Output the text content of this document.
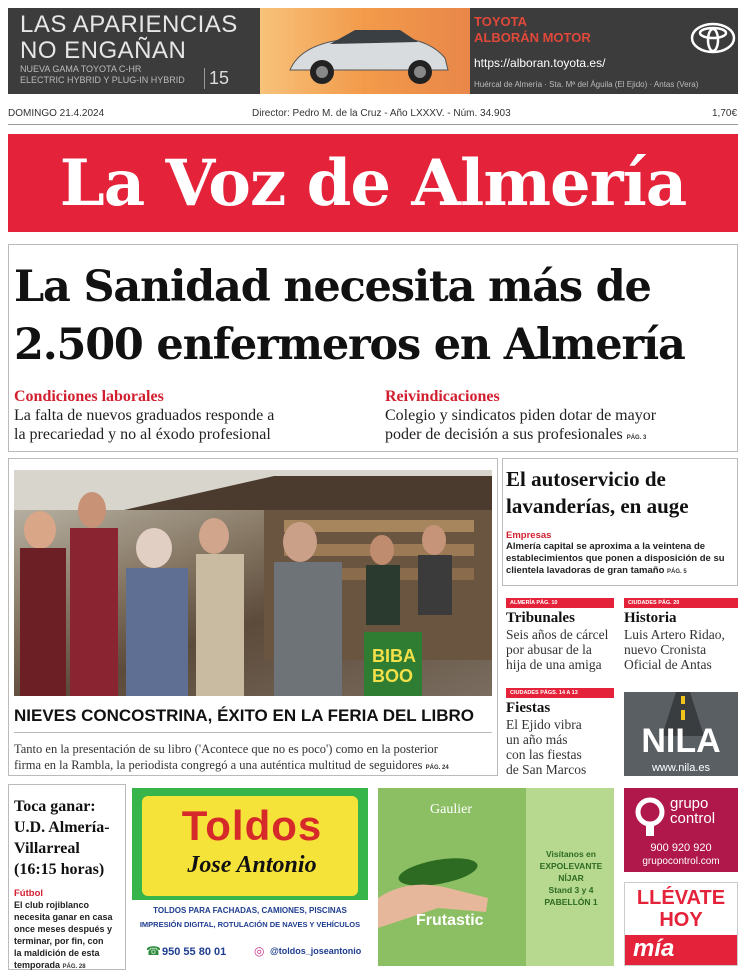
LAS APARIENCIAS
NO ENGAÑAN
NUEVA GAMA TOYOTA C-HR
ELECTRIC HYBRID Y PLUG-IN HYBRID 15
TOYOTA
ALBORÁN MOTOR
https://alboran.toyota.es/
Huércal de Almería · Sta. Mª del Águila (El Ejido) · Antas (Vera)
DOMINGO 21.4.2024	Director: Pedro M. de la Cruz - Año LXXXV. - Núm. 34.903	1,70€
La Voz de Almería
La Sanidad necesita más de
2.500 enfermeros en Almería
Condiciones laborales
La falta de nuevos graduados responde a
la precariedad y no al éxodo profesional
Reivindicaciones
Colegio y sindicatos piden dotar de mayor
poder de decisión a sus profesionales PÁG. 3
BIBA
BOO
NIEVES CONCOSTRINA, ÉXITO EN LA FERIA DEL LIBRO
Tanto en la presentación de su libro ('Acontece que no es poco') como en la posterior
firma en la Rambla, la periodista congregó a una auténtica multitud de seguidores PÁG. 24
El autoservicio de
lavanderías, en auge
Empresas
Almería capital se aproxima a la veintena de
establecimientos que ponen a disposición de su
clientela lavadoras de gran tamaño PÁG. 5
ALMERÍA PÁG. 10
Tribunales
Seis años de cárcel
por abusar de la
hija de una amiga
CIUDADES PÁG. 20
Historia
Luis Artero Ridao,
nuevo Cronista
Oficial de Antas
CIUDADES PÁGS. 14 A 13
Fiestas
El Ejido vibra
un año más
con las fiestas
de San Marcos
NILA
www.nila.es
Toca ganar:
U.D. Almería-
Villarreal
(16:15 horas)
Fútbol
El club rojiblanco
necesita ganar en casa
once meses después y
terminar, por fin, con
la maldición de esta
temporada PÁG. 28
Toldos
Jose Antonio
TOLDOS PARA FACHADAS, CAMIONES, PISCINAS
IMPRESIÓN DIGITAL, ROTULACIÓN DE NAVES Y VEHÍCULOS
☎ 950 55 80 01 ◎ @toldos_joseantonio
Gaulier
Frutastic
Visítanos en
EXPOLEVANTE
NÍJAR
Stand 3 y 4
PABELLÓN 1
grupo
control
900 920 920
grupocontrol.com
LLÉVATE
HOY
mía
